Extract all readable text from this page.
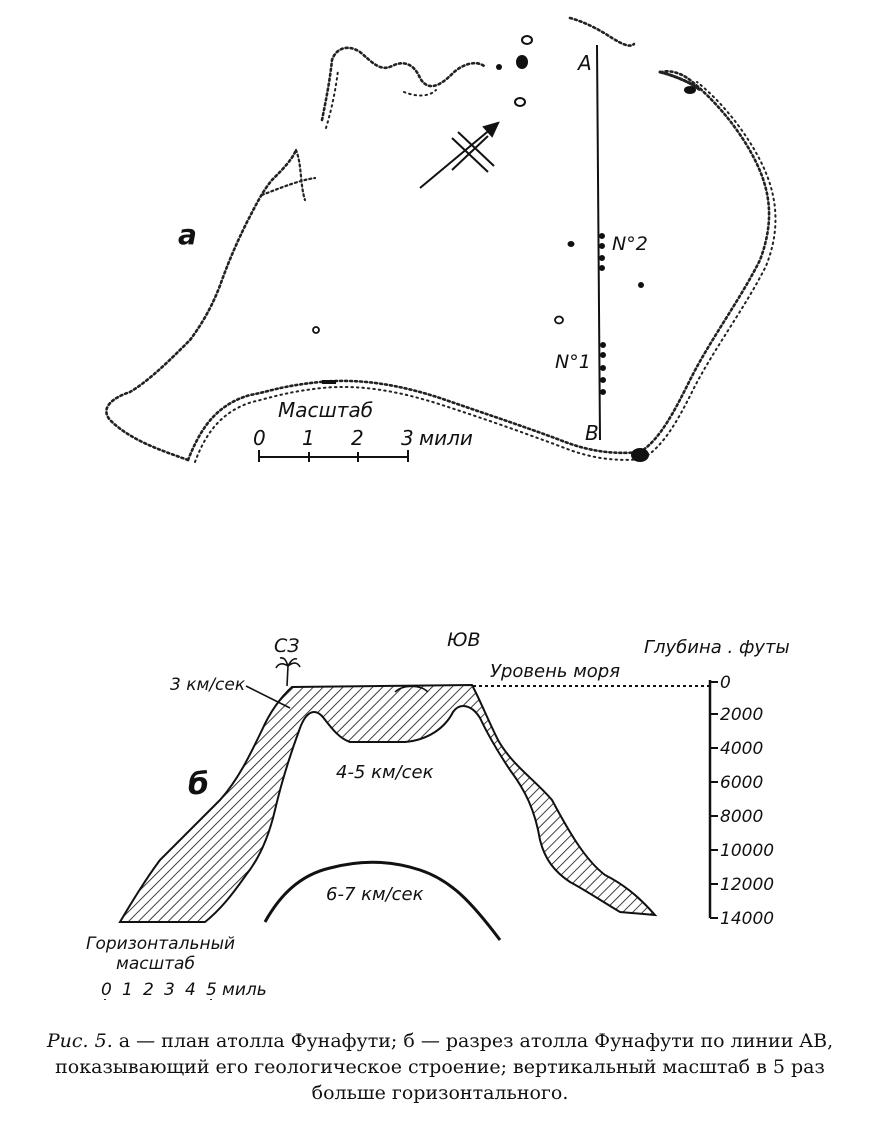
а
A
B
N°2
N°1
Масштаб
0 1 2 3 мили
б
СЗ	ЮВ	Глубина . футы
Уровень моря
3 км/сек
4-5 км/сек
6-7 км/сек
0
2000
4000
6000
8000
10000
12000
14000
Горизонтальный
масштаб
0 1 2 3 4 5 миль
Рис. 5. а — план атолла Фунафути; б — разрез атолла Фунафути по линии AB, показывающий его геологическое строение; вертикальный масштаб в 5 раз больше горизонтального.
